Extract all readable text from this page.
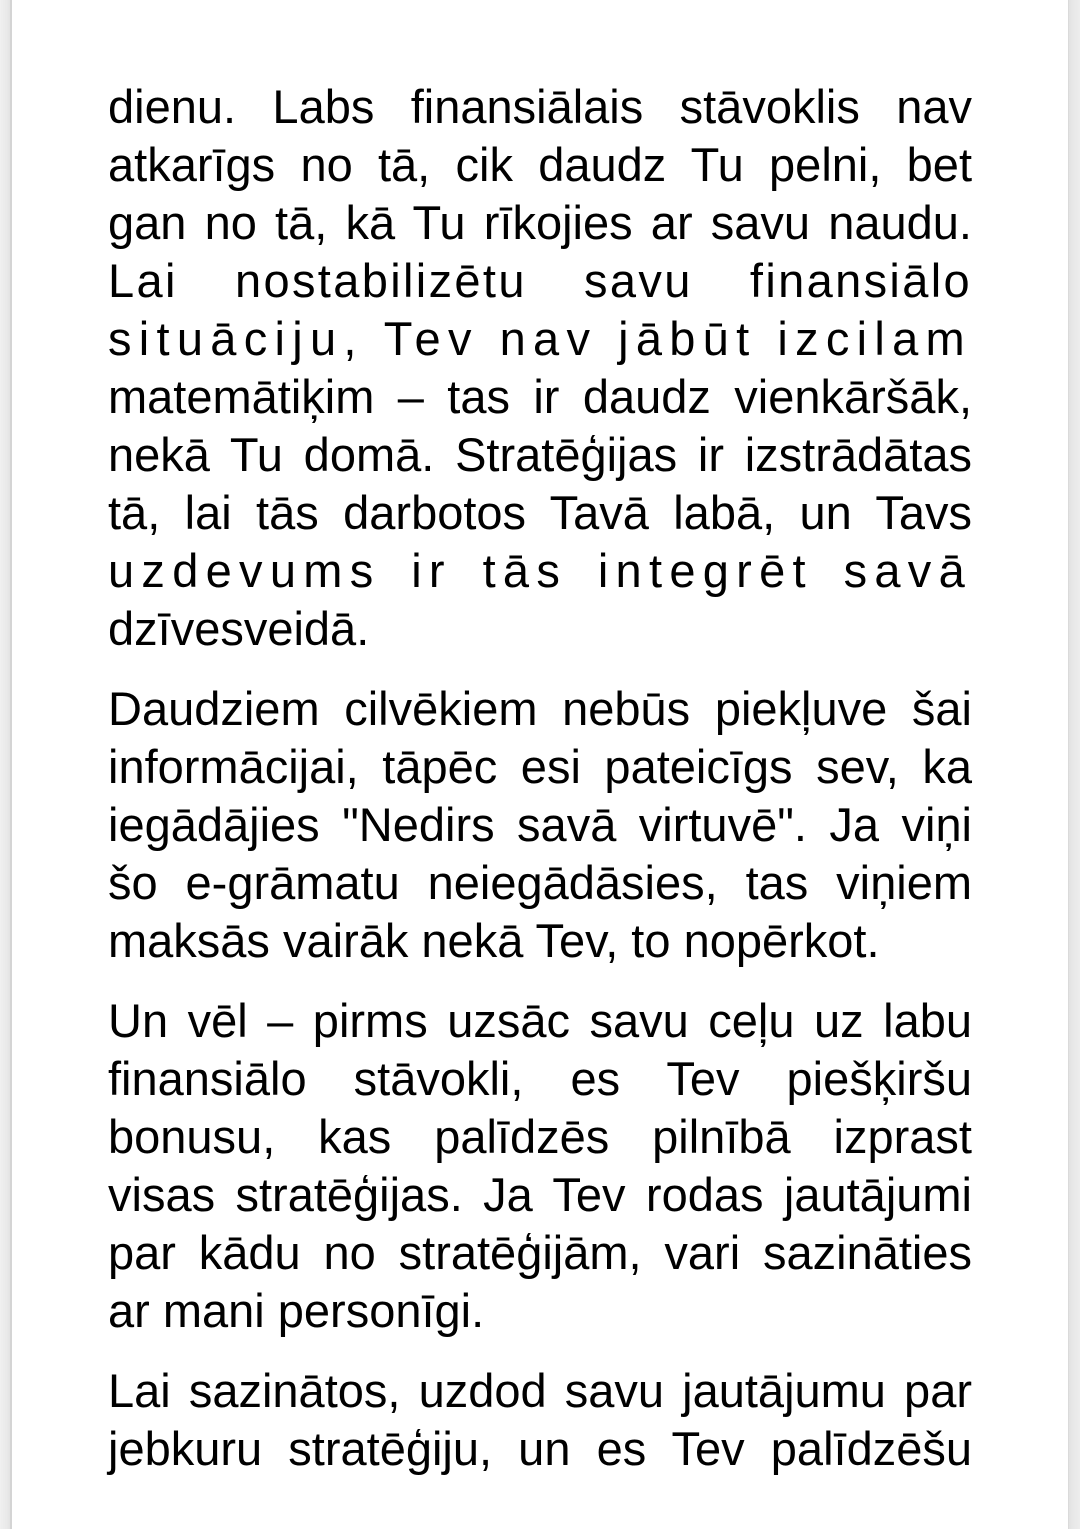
dienu. Labs finansiālais stāvoklis nav
atkarīgs no tā, cik daudz Tu pelni, bet
gan no tā, kā Tu rīkojies ar savu naudu.
Lai nostabilizētu savu finansiālo
situāciju, Tev nav jābūt izcilam
matemātiķim – tas ir daudz vienkāršāk,
nekā Tu domā. Stratēģijas ir izstrādātas
tā, lai tās darbotos Tavā labā, un Tavs
uzdevums ir tās integrēt savā
dzīvesveidā.
Daudziem cilvēkiem nebūs piekļuve šai
informācijai, tāpēc esi pateicīgs sev, ka
iegādājies "Nedirs savā virtuvē". Ja viņi
šo e-grāmatu neiegādāsies, tas viņiem
maksās vairāk nekā Tev, to nopērkot.
Un vēl – pirms uzsāc savu ceļu uz labu
finansiālo stāvokli, es Tev piešķiršu
bonusu, kas palīdzēs pilnībā izprast
visas stratēģijas. Ja Tev rodas jautājumi
par kādu no stratēģijām, vari sazināties
ar mani personīgi.
Lai sazinātos, uzdod savu jautājumu par
jebkuru stratēģiju, un es Tev palīdzēšu
